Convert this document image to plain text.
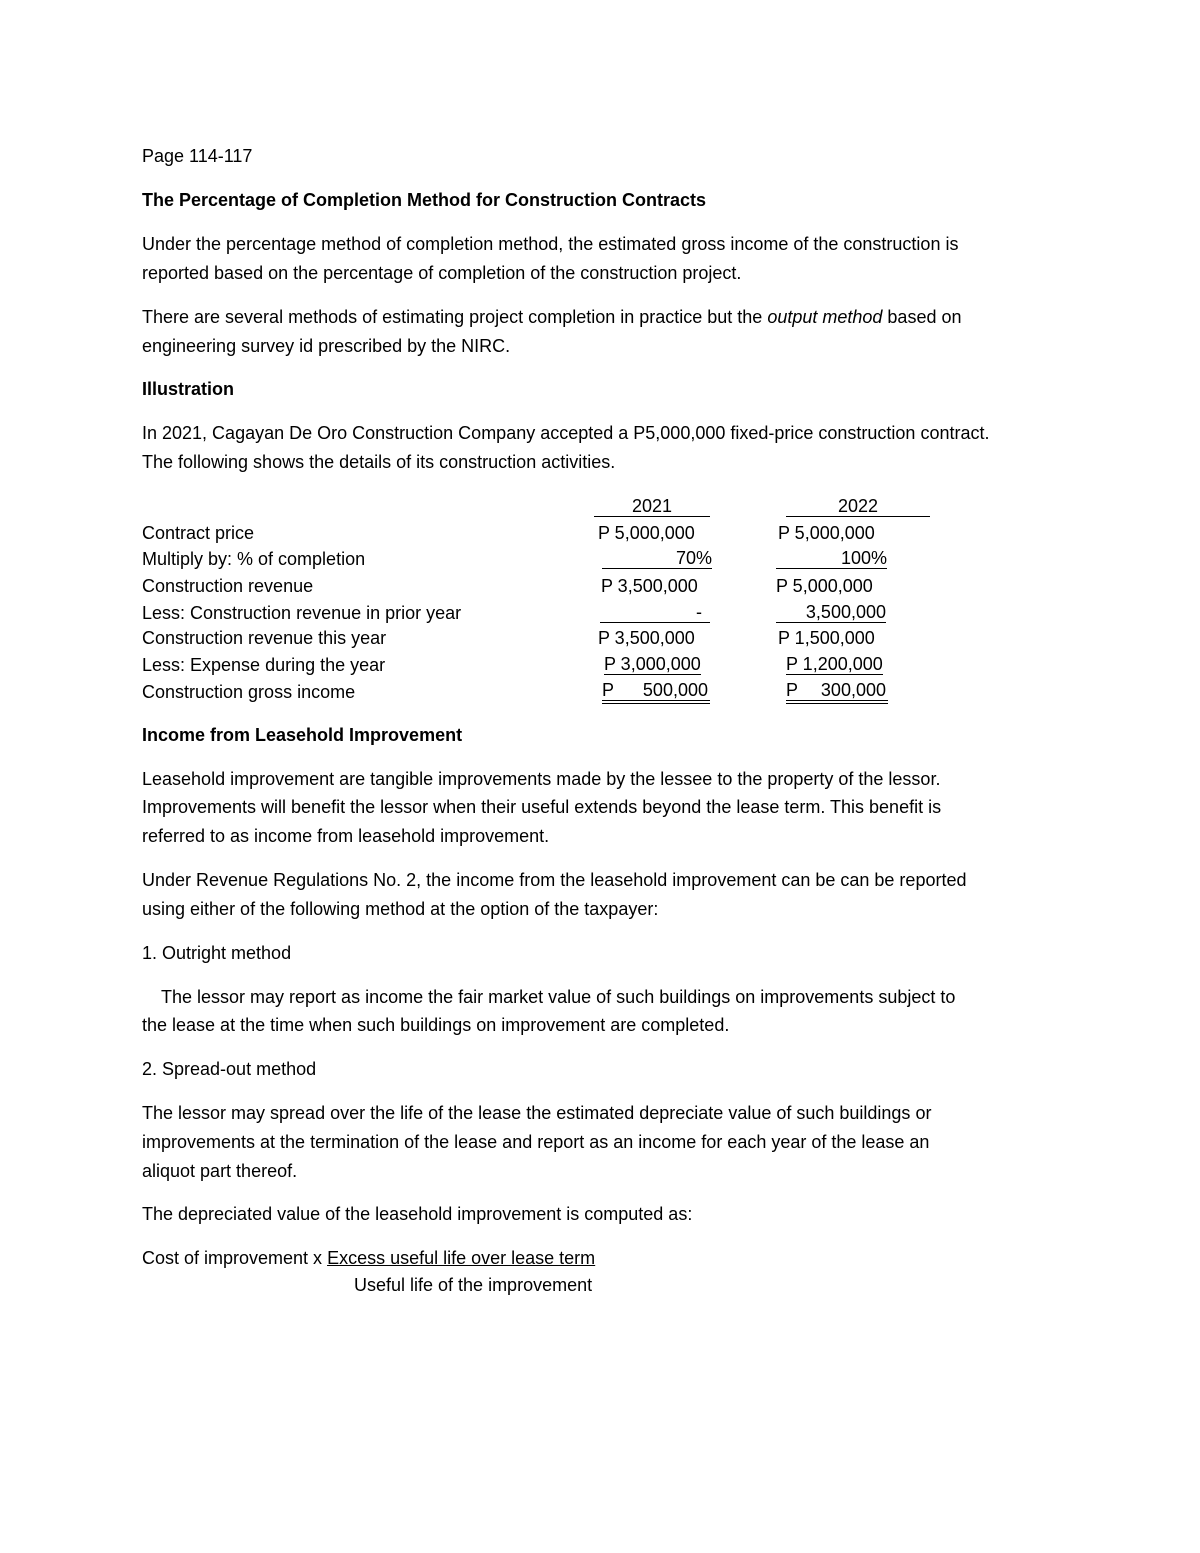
Page 114-117
The Percentage of Completion Method for Construction Contracts
Under the percentage method of completion method, the estimated gross income of the construction is
reported based on the percentage of completion of the construction project.
There are several methods of estimating project completion in practice but the output method based on
engineering survey id prescribed by the NIRC.
Illustration
In 2021, Cagayan De Oro Construction Company accepted a P5,000,000 fixed-price construction contract.
The following shows the details of its construction activities.
2021	2022
Contract price	P 5,000,000	P 5,000,000
Multiply by: % of completion	70%	100%
Construction revenue	P 3,500,000	P 5,000,000
Less: Construction revenue in prior year	-	3,500,000
Construction revenue this year	P 3,500,000	P 1,500,000
Less: Expense during the year	P 3,000,000	P 1,200,000
Construction gross income	P 500,000	P 300,000
Income from Leasehold Improvement
Leasehold improvement are tangible improvements made by the lessee to the property of the lessor.
Improvements will benefit the lessor when their useful extends beyond the lease term. This benefit is
referred to as income from leasehold improvement.
Under Revenue Regulations No. 2, the income from the leasehold improvement can be can be reported
using either of the following method at the option of the taxpayer:
1. Outright method
The lessor may report as income the fair market value of such buildings on improvements subject to
the lease at the time when such buildings on improvement are completed.
2. Spread-out method
The lessor may spread over the life of the lease the estimated depreciate value of such buildings or
improvements at the termination of the lease and report as an income for each year of the lease an
aliquot part thereof.
The depreciated value of the leasehold improvement is computed as:
Cost of improvement x Excess useful life over lease term
Useful life of the improvement
